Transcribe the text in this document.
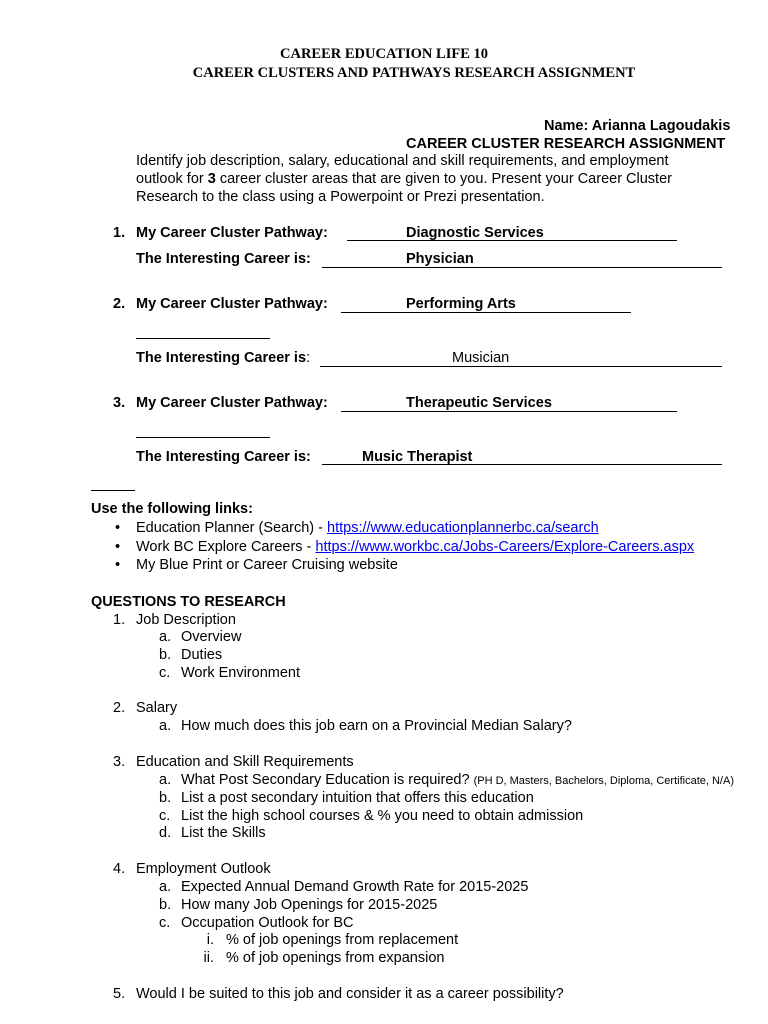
CAREER EDUCATION LIFE 10
CAREER CLUSTERS AND PATHWAYS RESEARCH ASSIGNMENT
Name: Arianna Lagoudakis
CAREER CLUSTER RESEARCH ASSIGNMENT
Identify job description, salary, educational and skill requirements, and employment
outlook for 3 career cluster areas that are given to you. Present your Career Cluster
Research to the class using a Powerpoint or Prezi presentation.
1. My Career Cluster Pathway:	Diagnostic Services
The Interesting Career is:	Physician
2. My Career Cluster Pathway:	Performing Arts
The Interesting Career is:	Musician
3. My Career Cluster Pathway:	Therapeutic Services
The Interesting Career is:	Music Therapist
Use the following links:
• Education Planner (Search) - https://www.educationplannerbc.ca/search
• Work BC Explore Careers - https://www.workbc.ca/Jobs-Careers/Explore-Careers.aspx
• My Blue Print or Career Cruising website
QUESTIONS TO RESEARCH
1. Job Description
a. Overview
b. Duties
c. Work Environment
2. Salary
a. How much does this job earn on a Provincial Median Salary?
3. Education and Skill Requirements
a. What Post Secondary Education is required? (PH D, Masters, Bachelors, Diploma, Certificate, N/A)
b. List a post secondary intuition that offers this education
c. List the high school courses & % you need to obtain admission
d. List the Skills
4. Employment Outlook
a. Expected Annual Demand Growth Rate for 2015-2025
b. How many Job Openings for 2015-2025
c. Occupation Outlook for BC
i. % of job openings from replacement
ii. % of job openings from expansion
5. Would I be suited to this job and consider it as a career possibility?
